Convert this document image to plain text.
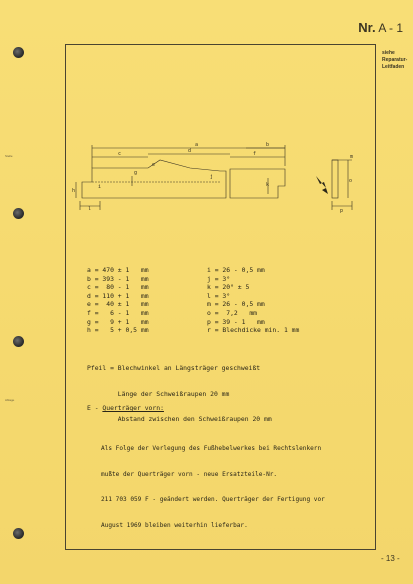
Stelle
Ablage
Nr. A - 1
siehe
Reparatur-
Leitfaden
a
c	d	f
b
e
g
h
i	k
j
l
m
o
p
a = 470 ± 1   mm
b = 393 - 1   mm
c =  80 - 1   mm
d = 110 + 1   mm
e =  40 ± 1   mm
f =   6 - 1   mm
g =   9 + 1   mm
h =   5 + 0,5 mm
i = 26 - 0,5 mm
j = 3°
k = 20° ± 5
l = 3°
m = 26 - 0,5 mm
o =  7,2   mm
p = 39 - 1   mm
r = Blechdicke min. 1 mm

Pfeil = Blechwinkel an Längsträger geschweißt

Länge der Schweißraupen 20 mm

Abstand zwischen den Schweißraupen 20 mm

E - Querträger vorn:

Als Folge der Verlegung des Fußhebelwerkes bei Rechtslenkern

mußte der Querträger vorn - neue Ersatzteile-Nr.

211 703 059 F - geändert werden. Querträger der Fertigung vor

August 1969 bleiben weiterhin lieferbar.

- 13 -
